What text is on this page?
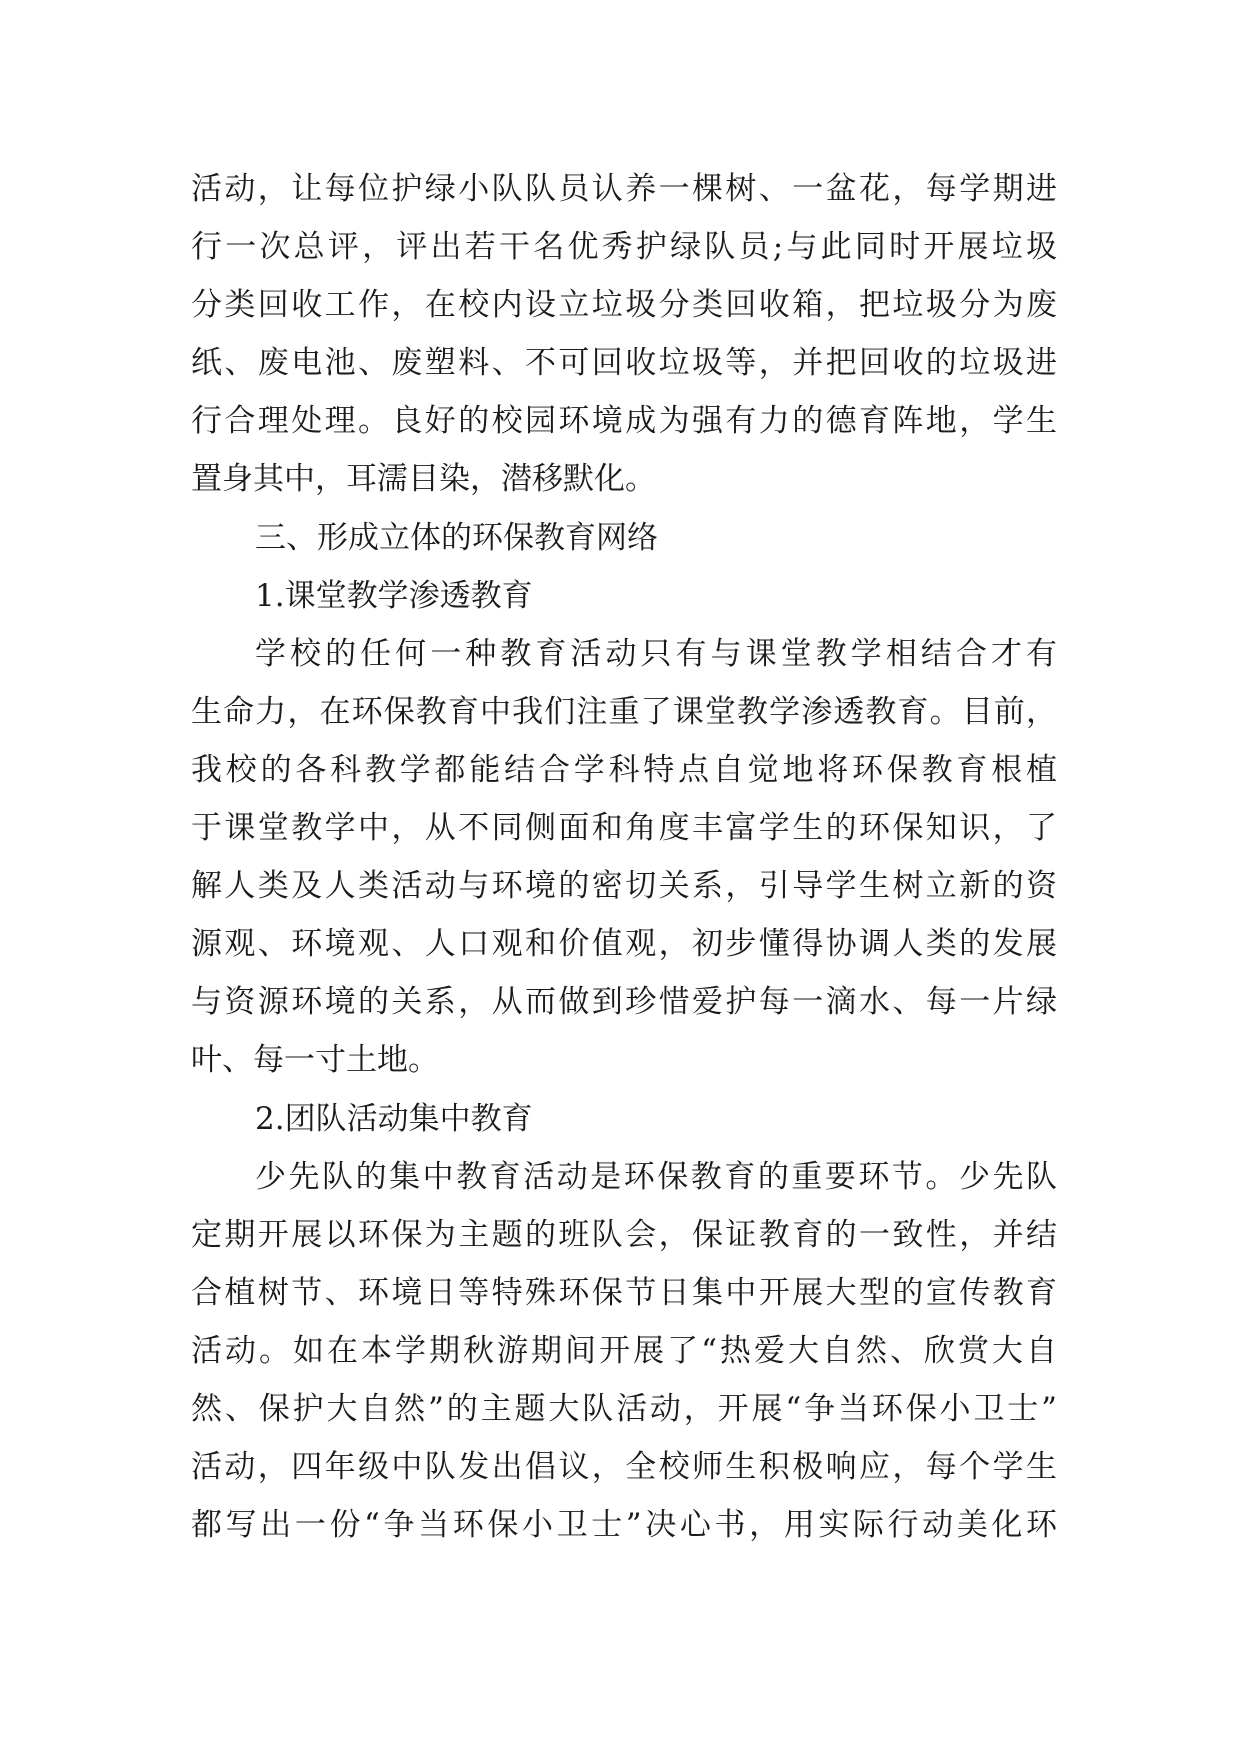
活动，让每位护绿小队队员认养一棵树、一盆花，每学期进
行一次总评，评出若干名优秀护绿队员;与此同时开展垃圾
分类回收工作，在校内设立垃圾分类回收箱，把垃圾分为废
纸、废电池、废塑料、不可回收垃圾等，并把回收的垃圾进
行合理处理。良好的校园环境成为强有力的德育阵地，学生
置身其中，耳濡目染，潜移默化。
三、形成立体的环保教育网络
1.课堂教学渗透教育
学校的任何一种教育活动只有与课堂教学相结合才有
生命力，在环保教育中我们注重了课堂教学渗透教育。目前，
我校的各科教学都能结合学科特点自觉地将环保教育根植
于课堂教学中，从不同侧面和角度丰富学生的环保知识，了
解人类及人类活动与环境的密切关系，引导学生树立新的资
源观、环境观、人口观和价值观，初步懂得协调人类的发展
与资源环境的关系，从而做到珍惜爱护每一滴水、每一片绿
叶、每一寸土地。
2.团队活动集中教育
少先队的集中教育活动是环保教育的重要环节。少先队
定期开展以环保为主题的班队会，保证教育的一致性，并结
合植树节、环境日等特殊环保节日集中开展大型的宣传教育
活动。如在本学期秋游期间开展了“热爱大自然、欣赏大自
然、保护大自然”的主题大队活动，开展“争当环保小卫士”
活动，四年级中队发出倡议，全校师生积极响应，每个学生
都写出一份“争当环保小卫士”决心书，用实际行动美化环
